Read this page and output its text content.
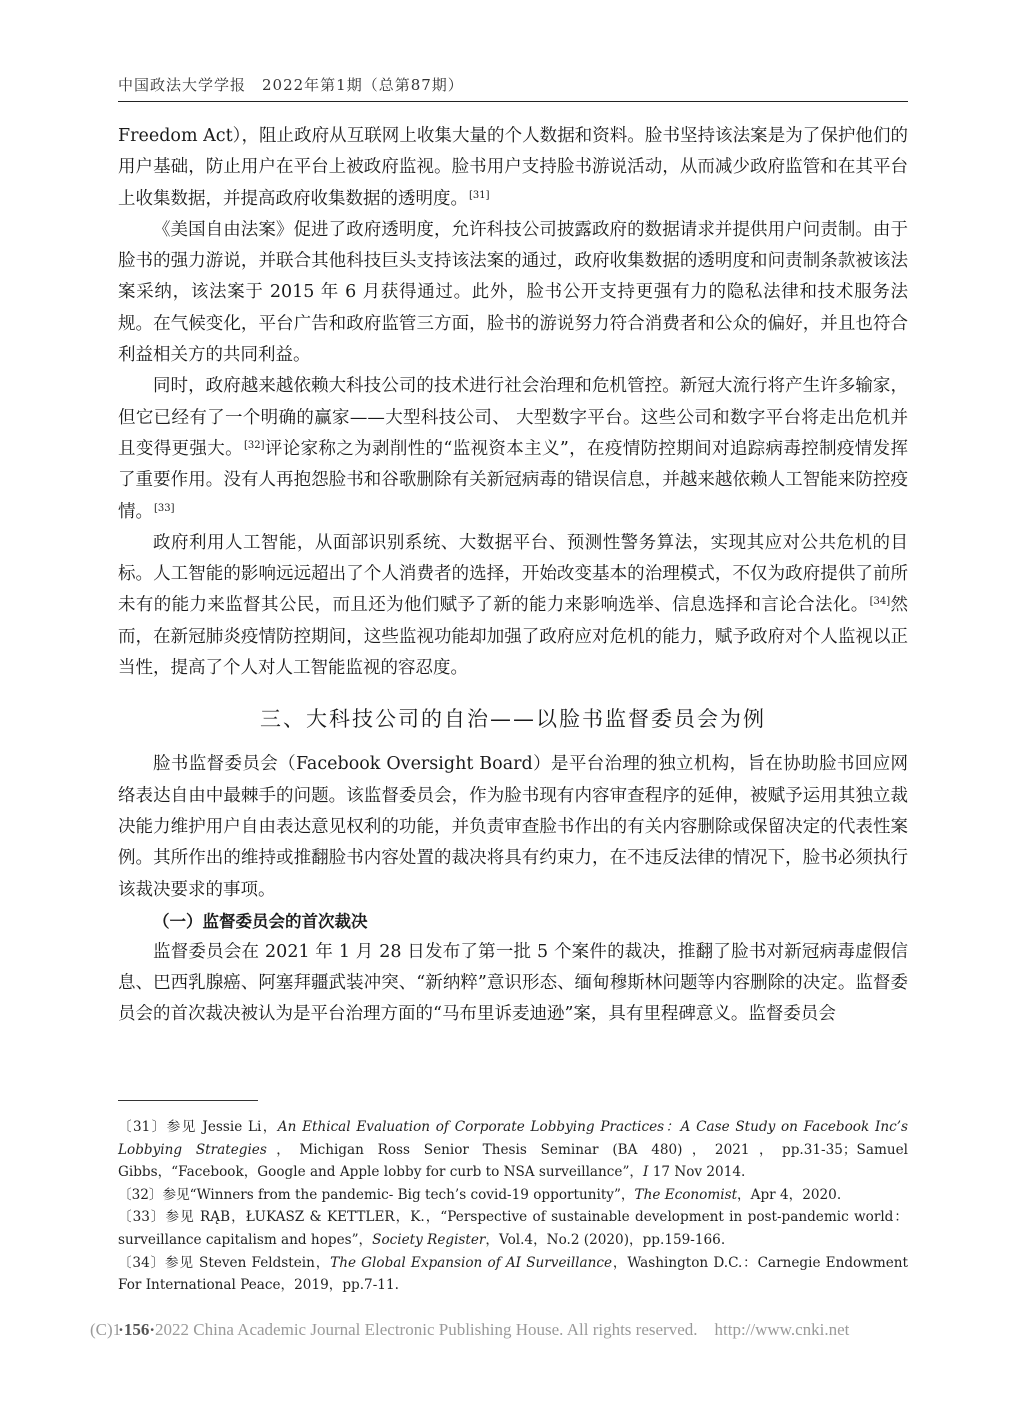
中国政法大学学报　2022年第1期（总第87期）

Freedom Act），阻止政府从互联网上收集大量的个人数据和资料。脸书坚持该法案是为了保护他们的用户基础，防止用户在平台上被政府监视。脸书用户支持脸书游说活动，从而减少政府监管和在其平台上收集数据，并提高政府收集数据的透明度。[31]

《美国自由法案》促进了政府透明度，允许科技公司披露政府的数据请求并提供用户问责制。由于脸书的强力游说，并联合其他科技巨头支持该法案的通过，政府收集数据的透明度和问责制条款被该法案采纳，该法案于 2015 年 6 月获得通过。此外，脸书公开支持更强有力的隐私法律和技术服务法规。在气候变化，平台广告和政府监管三方面，脸书的游说努力符合消费者和公众的偏好，并且也符合利益相关方的共同利益。

同时，政府越来越依赖大科技公司的技术进行社会治理和危机管控。新冠大流行将产生许多输家，但它已经有了一个明确的赢家——大型科技公司、 大型数字平台。这些公司和数字平台将走出危机并且变得更强大。[32]评论家称之为剥削性的“监视资本主义”，在疫情防控期间对追踪病毒控制疫情发挥了重要作用。没有人再抱怨脸书和谷歌删除有关新冠病毒的错误信息，并越来越依赖人工智能来防控疫情。[33]

政府利用人工智能，从面部识别系统、大数据平台、预测性警务算法，实现其应对公共危机的目标。人工智能的影响远远超出了个人消费者的选择，开始改变基本的治理模式，不仅为政府提供了前所未有的能力来监督其公民，而且还为他们赋予了新的能力来影响选举、信息选择和言论合法化。[34]然而，在新冠肺炎疫情防控期间，这些监视功能却加强了政府应对危机的能力，赋予政府对个人监视以正当性，提高了个人对人工智能监视的容忍度。

三、大科技公司的自治——以脸书监督委员会为例

脸书监督委员会（Facebook Oversight Board）是平台治理的独立机构，旨在协助脸书回应网络表达自由中最棘手的问题。该监督委员会，作为脸书现有内容审查程序的延伸，被赋予运用其独立裁决能力维护用户自由表达意见权利的功能，并负责审查脸书作出的有关内容删除或保留决定的代表性案例。其所作出的维持或推翻脸书内容处置的裁决将具有约束力，在不违反法律的情况下，脸书必须执行该裁决要求的事项。

（一）监督委员会的首次裁决

监督委员会在 2021 年 1 月 28 日发布了第一批 5 个案件的裁决，推翻了脸书对新冠病毒虚假信息、巴西乳腺癌、阿塞拜疆武装冲突、“新纳粹”意识形态、缅甸穆斯林问题等内容删除的决定。监督委员会的首次裁决被认为是平台治理方面的“马布里诉麦迪逊”案，具有里程碑意义。监督委员会

〔31〕参见 Jessie Li，An Ethical Evaluation of Corporate Lobbying Practices：A Case Study on Facebook Inc’s Lobbying Strategies，Michigan Ross Senior Thesis Seminar (BA 480)，2021，pp.31-35；Samuel Gibbs，“Facebook，Google and Apple lobby for curb to NSA surveillance”，I 17 Nov 2014.

〔32〕参见“Winners from the pandemic- Big tech’s covid-19 opportunity”，The Economist，Apr 4，2020.

〔33〕参见 RĄB，ŁUKASZ & KETTLER，K.，“Perspective of sustainable development in post-pandemic world：surveillance capitalism and hopes”，Society Register，Vol.4，No.2 (2020)，pp.159-166.

〔34〕参见 Steven Feldstein，The Global Expansion of AI Surveillance，Washington D.C.：Carnegie Endowment For International Peace，2019，pp.7-11.

(C)1·156·2022 China Academic Journal Electronic Publishing House. All rights reserved.　http://www.cnki.net
